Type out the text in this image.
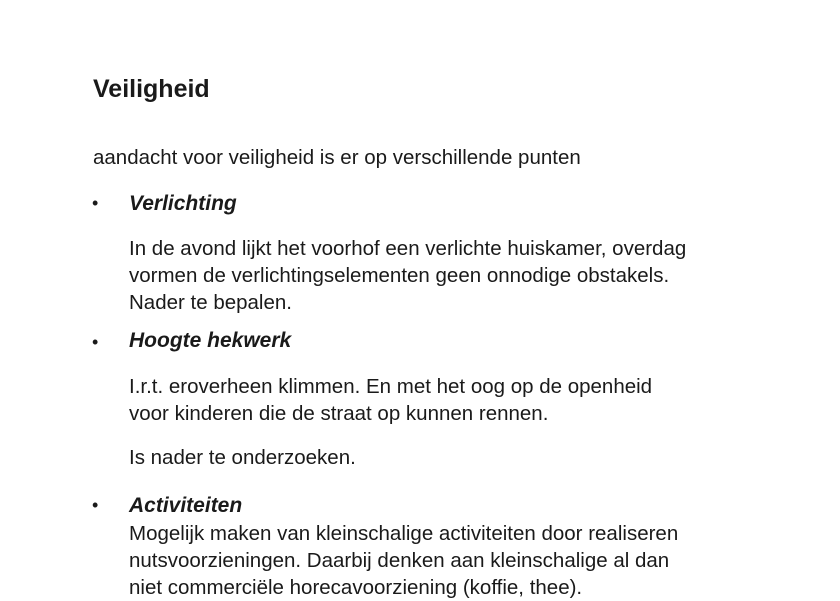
Veiligheid

aandacht voor veiligheid is er op verschillende punten

• Verlichting
In de avond lijkt het voorhof een verlichte huiskamer, overdag
vormen de verlichtingselementen geen onnodige obstakels.
Nader te bepalen.
• Hoogte hekwerk
I.r.t. eroverheen klimmen. En met het oog op de openheid
voor kinderen die de straat op kunnen rennen.

Is nader te onderzoeken.

• Activiteiten
Mogelijk maken van kleinschalige activiteiten door realiseren
nutsvoorzieningen. Daarbij denken aan kleinschalige al dan
niet commerciële horecavoorziening (koffie, thee).
